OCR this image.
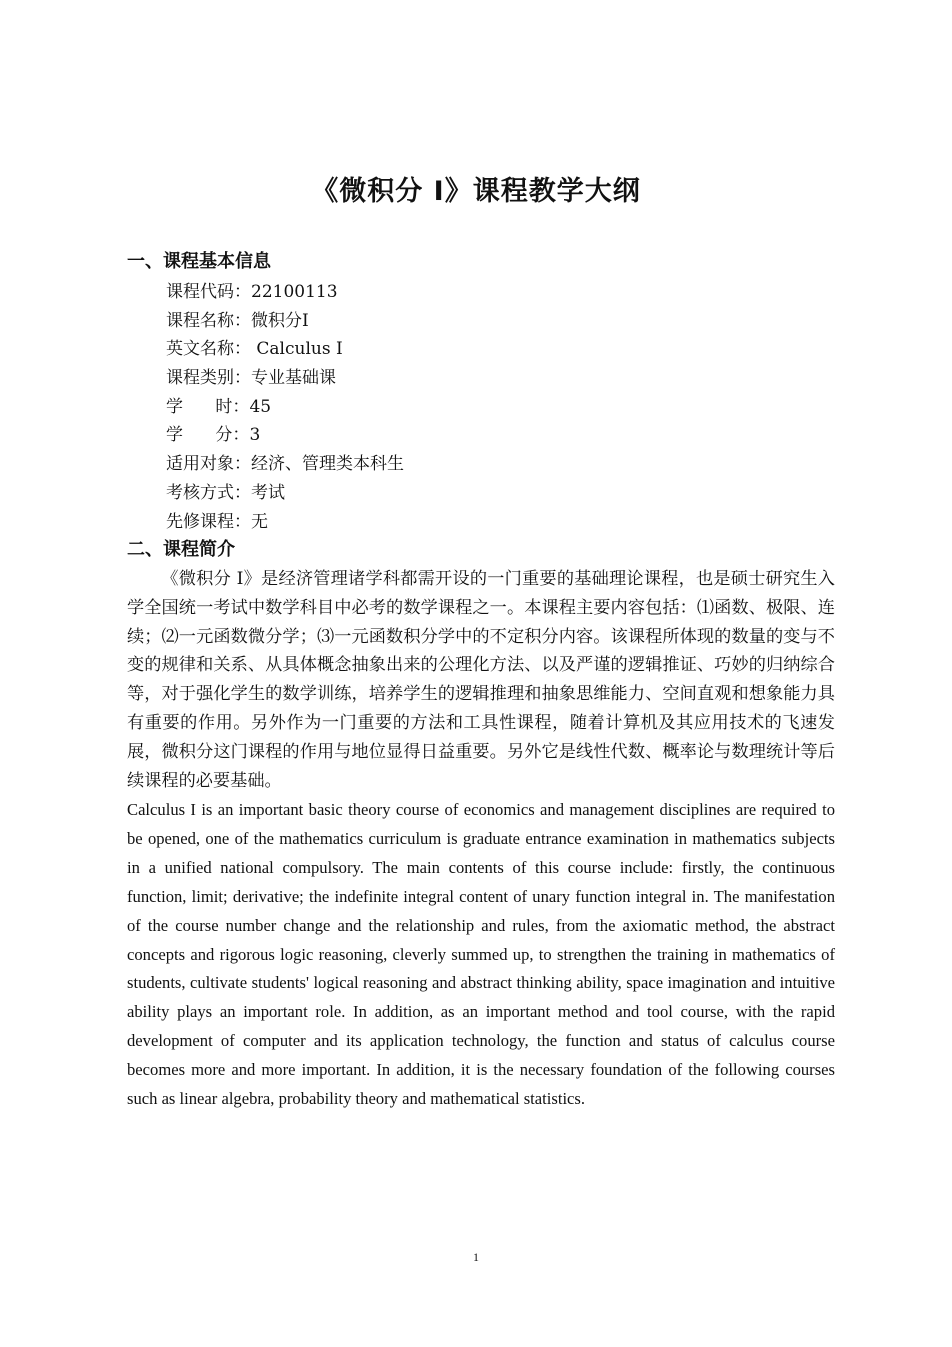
《微积分 I》课程教学大纲
一、课程基本信息
课程代码：22100113
课程名称：微积分Ⅰ
英文名称： Calculus Ⅰ
课程类别：专业基础课
学      时：45
学      分：3
适用对象：经济、管理类本科生
考核方式：考试
先修课程：无
二、课程简介
《微积分 I》是经济管理诸学科都需开设的一门重要的基础理论课程，也是硕士研究生入学全国统一考试中数学科目中必考的数学课程之一。本课程主要内容包括：⑴函数、极限、连续；⑵一元函数微分学；⑶一元函数积分学中的不定积分内容。该课程所体现的数量的变与不变的规律和关系、从具体概念抽象出来的公理化方法、以及严谨的逻辑推证、巧妙的归纳综合等，对于强化学生的数学训练，培养学生的逻辑推理和抽象思维能力、空间直观和想象能力具有重要的作用。另外作为一门重要的方法和工具性课程，随着计算机及其应用技术的飞速发展，微积分这门课程的作用与地位显得日益重要。另外它是线性代数、概率论与数理统计等后续课程的必要基础。
Calculus I is an important basic theory course of economics and management disciplines are required to be opened, one of the mathematics curriculum is graduate entrance examination in mathematics subjects in a unified national compulsory. The main contents of this course include: firstly, the continuous function, limit; derivative; the indefinite integral content of unary function integral in. The manifestation of the course number change and the relationship and rules, from the axiomatic method, the abstract concepts and rigorous logic reasoning, cleverly summed up, to strengthen the training in mathematics of students, cultivate students' logical reasoning and abstract thinking ability, space imagination and intuitive ability plays an important role. In addition, as an important method and tool course, with the rapid development of computer and its application technology, the function and status of calculus course becomes more and more important. In addition, it is the necessary foundation of the following courses such as linear algebra, probability theory and mathematical statistics.
1
